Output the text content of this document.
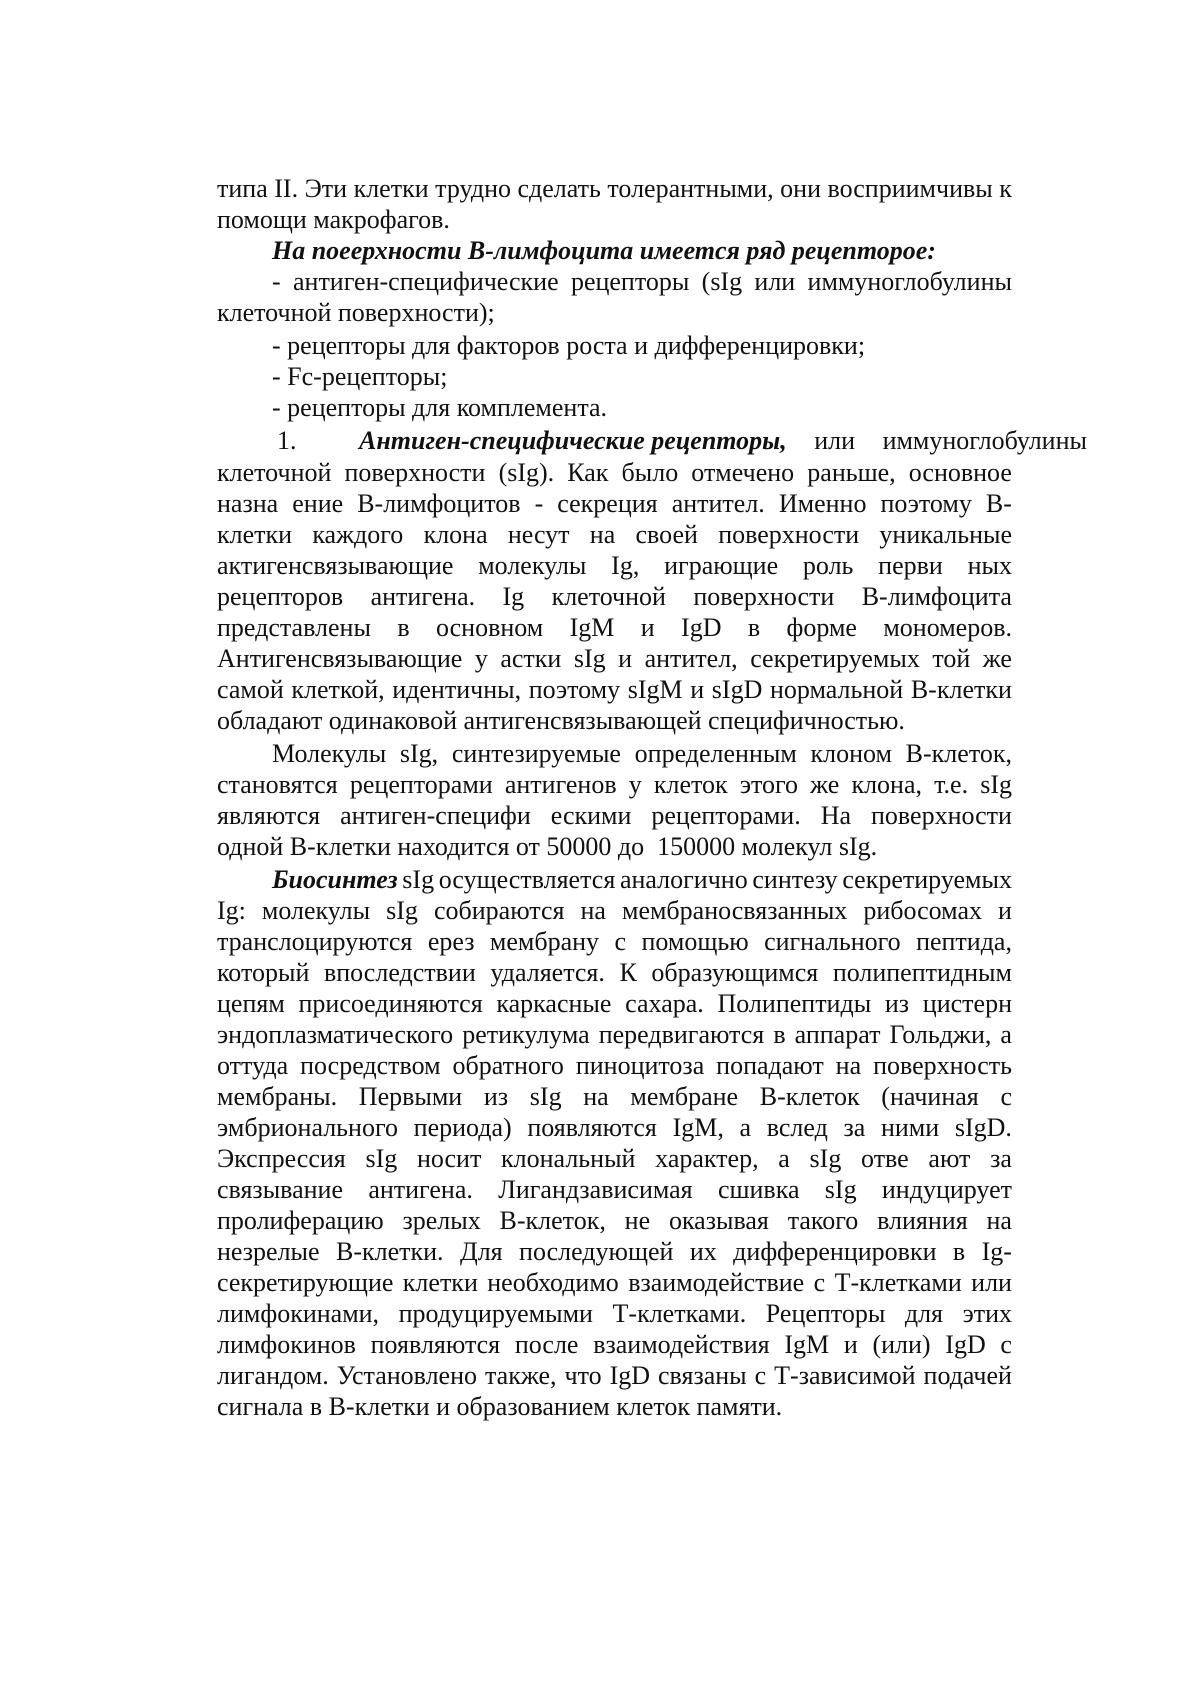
типа II. Эти клетки трудно сделать толерантными, они восприимчивы к
помощи макрофагов.
На поеерхности В-лимфоцита имеется ряд рецепторое:
- антиген-специфические рецепторы (sIg или иммуноглобулины
клеточной поверхности);
- рецепторы для факторов роста и дифференцировки;
- Fc-рецепторы;
- рецепторы для комплемента.
1.	Антиген-специфические рецепторы, или иммуноглобулины
клеточной поверхности (sIg). Как было отмечено раньше, основное
назна ение В-лимфоцитов - секреция антител. Именно поэтому В-
клетки каждого клона несут на своей поверхности уникальные
актигенсвязывающие молекулы Ig, играющие роль перви ных
рецепторов антигена. Ig клеточной поверхности В-лимфоцита
представлены в основном IgM и IgD в форме мономеров.
Антигенсвязывающие у астки sIg и антител, секретируемых той же
самой клеткой, идентичны, поэтому sIgM и sIgD нормальной В-клетки
обладают одинаковой антигенсвязывающей специфичностью.
Молекулы sIg, синтезируемые определенным клоном В-клеток,
становятся рецепторами антигенов у клеток этого же клона, т.е. sIg
являются антиген-специфи ескими рецепторами. На поверхности
одной В-клетки находится от 50000 до  150000 молекул sIg.
Биосинтез sIg осуществляется аналогично синтезу секретируемых
Ig: молекулы sIg собираются на мембраносвязанных рибосомах и
транслоцируются ерез мембрану с помощью сигнального пептида,
который впоследствии удаляется. К образующимся полипептидным
цепям присоединяются каркасные сахара. Полипептиды из цистерн
эндоплазматического ретикулума передвигаются в аппарат Гольджи, а
оттуда посредством обратного пиноцитоза попадают на поверхность
мембраны. Первыми из sIg на мембране В-клеток (начиная с
эмбрионального периода) появляются IgM, а вслед за ними sIgD.
Экспрессия sIg носит клональный характер, а sIg отве ают за
связывание антигена. Лигандзависимая сшивка sIg индуцирует
пролиферацию зрелых В-клеток, не оказывая такого влияния на
незрелые В-клетки. Для последующей их дифференцировки в Ig-
секретирующие клетки необходимо взаимодействие с Т-клетками или
лимфокинами, продуцируемыми Т-клетками. Рецепторы для этих
лимфокинов появляются после взаимодействия IgM и (или) IgD с
лигандом. Установлено также, что IgD связаны с Т-зависимой подачей
сигнала в В-клетки и образованием клеток памяти.
